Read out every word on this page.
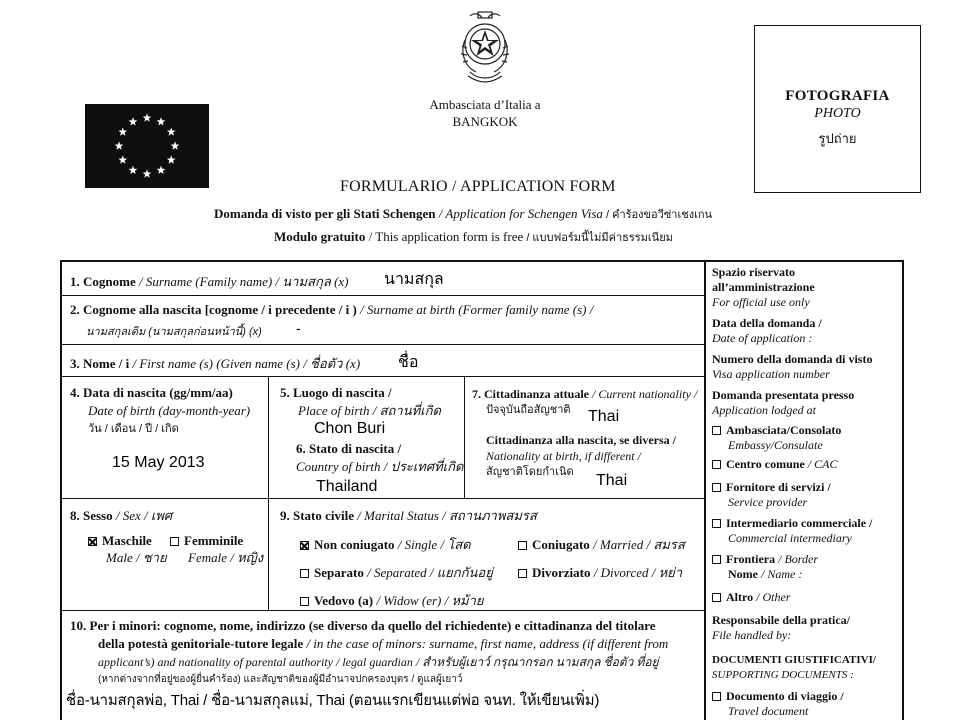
Ambasciata d’Italia a
BANGKOK
FOTOGRAFIA
PHOTO
รูปถ่าย
FORMULARIO / APPLICATION FORM
Domanda di visto per gli Stati Schengen / Application for Schengen Visa / คำร้องขอวีซ่าเชงเกน
Modulo gratuito / This application form is free / แบบฟอร์มนี้ไม่มีค่าธรรมเนียม
1. Cognome / Surname (Family name) / นามสกุล (x) นามสกุล
2. Cognome alla nascita [cognome / i precedente / i ) / Surname at birth (Former family name (s) /
นามสกุลเดิม (นามสกุลก่อนหน้านี้) (x) -
3. Nome / i / First name (s) (Given name (s) / ชื่อตัว (x) ชื่อ
4. Data di nascita (gg/mm/aa)
Date of birth (day-month-year)
วัน / เดือน / ปี / เกิด
15 May 2013
5. Luogo di nascita /
Place of birth / สถานที่เกิด
Chon Buri
6. Stato di nascita /
Country of birth / ประเทศที่เกิด
Thailand
7. Cittadinanza attuale / Current nationality /
ปัจจุบันถือสัญชาติ	Thai
Cittadinanza alla nascita, se diversa /
Nationality at birth, if different /
สัญชาติโดยกำเนิด	Thai
8. Sesso / Sex / เพศ
Maschile
Male / ชาย
Femminile
Female / หญิง
9. Stato civile / Marital Status / สถานภาพสมรส
Non coniugato / Single / โสด	Coniugato / Married / สมรส
Separato / Separated / แยกกันอยู่	Divorziato / Divorced / หย่า
Vedovo (a) / Widow (er) / หม้าย
10. Per i minori: cognome, nome, indirizzo (se diverso da quello del richiedente) e cittadinanza del titolare
della potestà genitoriale-tutore legale / in the case of minors: surname, first name, address (if different from
applicant’s) and nationality of parental authority / legal guardian / สำหรับผู้เยาว์ กรุณากรอก นามสกุล ชื่อตัว ที่อยู่
(หากต่างจากที่อยู่ของผู้ยื่นคำร้อง) และสัญชาติของผู้มีอำนาจปกครองบุตร / ดูแลผู้เยาว์
ชื่อ-นามสกุลพ่อ, Thai / ชื่อ-นามสกุลแม่, Thai (ตอนแรกเขียนแต่พ่อ จนท. ให้เขียนเพิ่ม)
Spazio riservato
all’amministrazione
For official use only
Data della domanda /
Date of application :
Numero della domanda di visto
Visa application number
Domanda presentata presso
Application lodged at
Ambasciata/Consolato
Embassy/Consulate
Centro comune / CAC
Fornitore di servizi /
Service provider
Intermediario commerciale /
Commercial intermediary
Frontiera / Border
Nome / Name :
Altro / Other
Responsabile della pratica/
File handled by:
DOCUMENTI GIUSTIFICATIVI/
SUPPORTING DOCUMENTS :
Documento di viaggio /
Travel document
